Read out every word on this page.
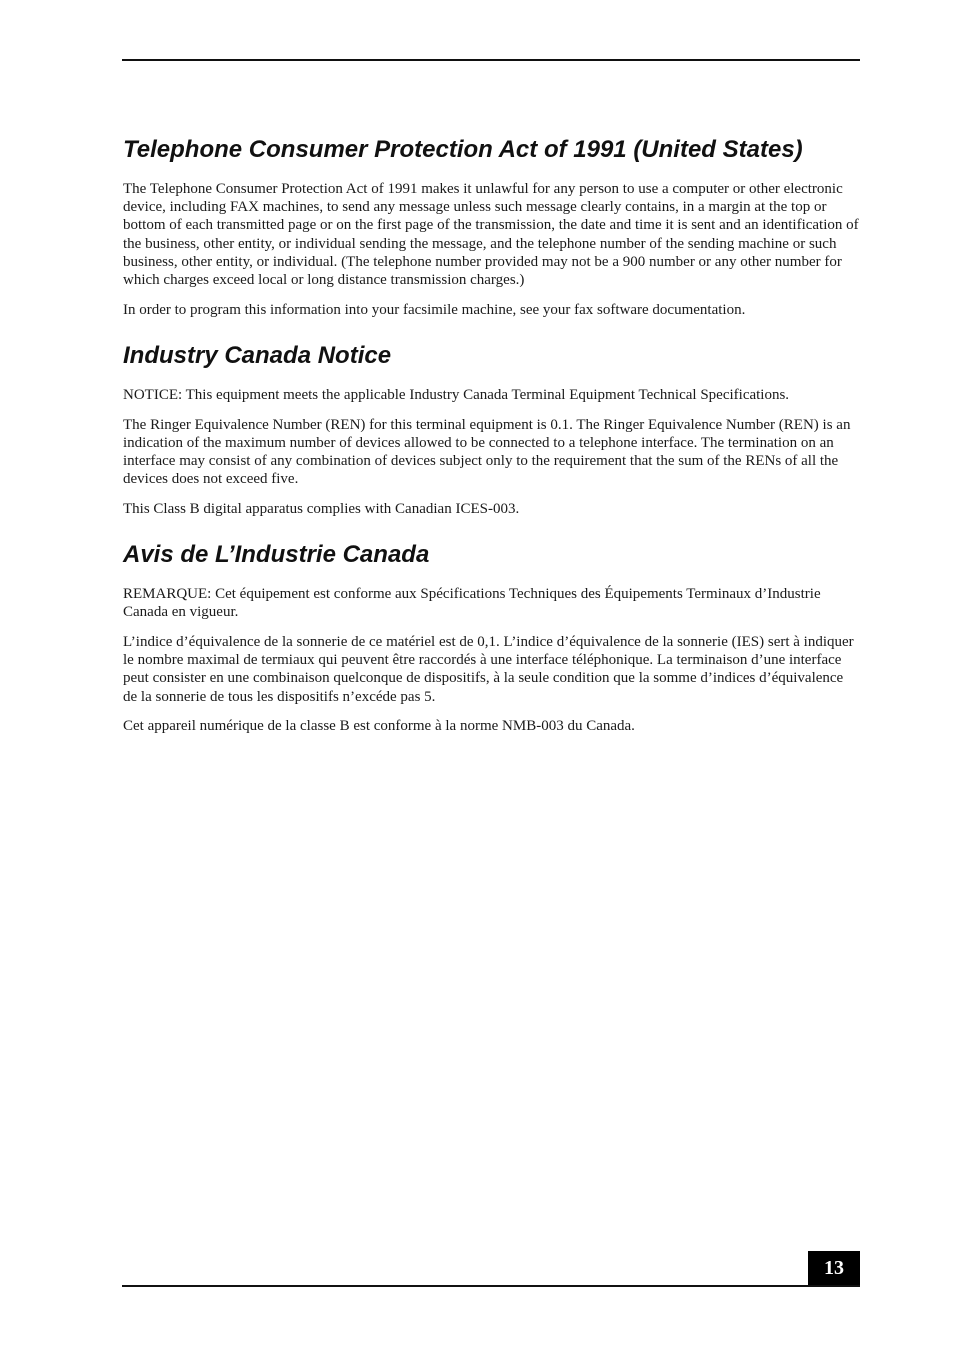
Telephone Consumer Protection Act of 1991 (United States)

The Telephone Consumer Protection Act of 1991 makes it unlawful for any person to use a computer or other electronic device, including FAX machines, to send any message unless such message clearly contains, in a margin at the top or bottom of each transmitted page or on the first page of the transmission, the date and time it is sent and an identification of the business, other entity, or individual sending the message, and the telephone number of the sending machine or such business, other entity, or individual. (The telephone number provided may not be a 900 number or any other number for which charges exceed local or long distance transmission charges.)

In order to program this information into your facsimile machine, see your fax software documentation.

Industry Canada Notice

NOTICE: This equipment meets the applicable Industry Canada Terminal Equipment Technical Specifications.

The Ringer Equivalence Number (REN) for this terminal equipment is 0.1. The Ringer Equivalence Number (REN) is an indication of the maximum number of devices allowed to be connected to a telephone interface. The termination on an interface may consist of any combination of devices subject only to the requirement that the sum of the RENs of all the devices does not exceed five.

This Class B digital apparatus complies with Canadian ICES-003.

Avis de L’Industrie Canada

REMARQUE: Cet équipement est conforme aux Spécifications Techniques des Équipements Terminaux d’Industrie Canada en vigueur.

L’indice d’équivalence de la sonnerie de ce matériel est de 0,1. L’indice d’équivalence de la sonnerie (IES) sert à indiquer le nombre maximal de termiaux qui peuvent être raccordés à une interface téléphonique. La terminaison d’une interface peut consister en une combinaison quelconque de dispositifs, à la seule condition que la somme d’indices d’équivalence de la sonnerie de tous les dispositifs n’excéde pas 5.

Cet appareil numérique de la classe B est conforme à la norme NMB-003 du Canada.

13
